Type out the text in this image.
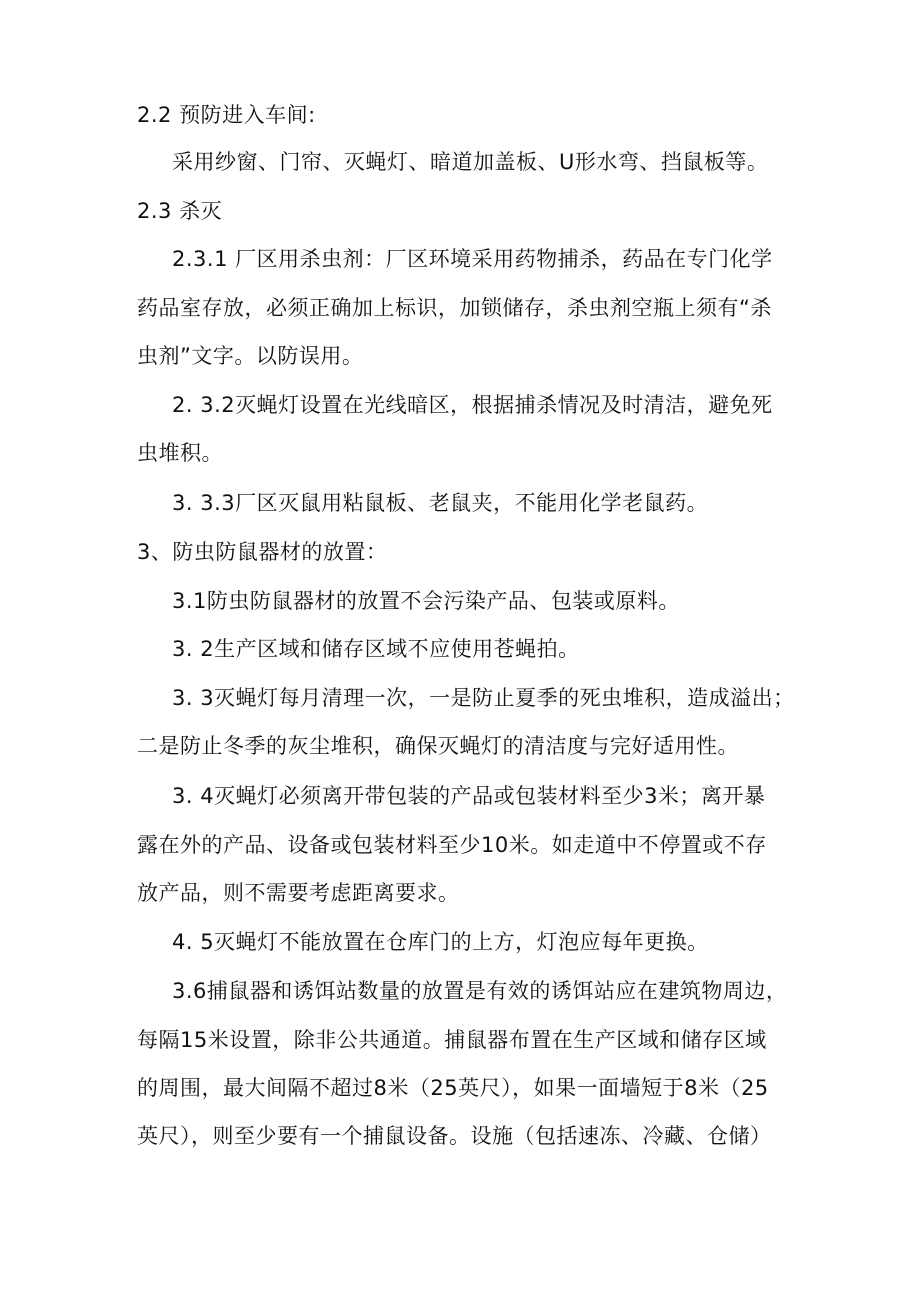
2.2 预防进入车间:
采用纱窗、门帘、灭蝇灯、暗道加盖板、U形水弯、挡鼠板等。
2.3 杀灭
2.3.1 厂区用杀虫剂：厂区环境采用药物捕杀，药品在专门化学
药品室存放，必须正确加上标识，加锁储存，杀虫剂空瓶上须有“杀
虫剂”文字。以防误用。
2. 3.2灭蝇灯设置在光线暗区，根据捕杀情况及时清洁，避免死
虫堆积。
3. 3.3厂区灭鼠用粘鼠板、老鼠夹，不能用化学老鼠药。
3、防虫防鼠器材的放置：
3.1防虫防鼠器材的放置不会污染产品、包装或原料。
3. 2生产区域和储存区域不应使用苍蝇拍。
3. 3灭蝇灯每月清理一次，一是防止夏季的死虫堆积，造成溢出；
二是防止冬季的灰尘堆积，确保灭蝇灯的清洁度与完好适用性。
3. 4灭蝇灯必须离开带包装的产品或包装材料至少3米；离开暴
露在外的产品、设备或包装材料至少10米。如走道中不停置或不存
放产品，则不需要考虑距离要求。
4. 5灭蝇灯不能放置在仓库门的上方，灯泡应每年更换。
3.6捕鼠器和诱饵站数量的放置是有效的诱饵站应在建筑物周边，
每隔15米设置，除非公共通道。捕鼠器布置在生产区域和储存区域
的周围，最大间隔不超过8米（25英尺），如果一面墙短于8米（25
英尺），则至少要有一个捕鼠设备。设施（包括速冻、冷藏、仓储）
